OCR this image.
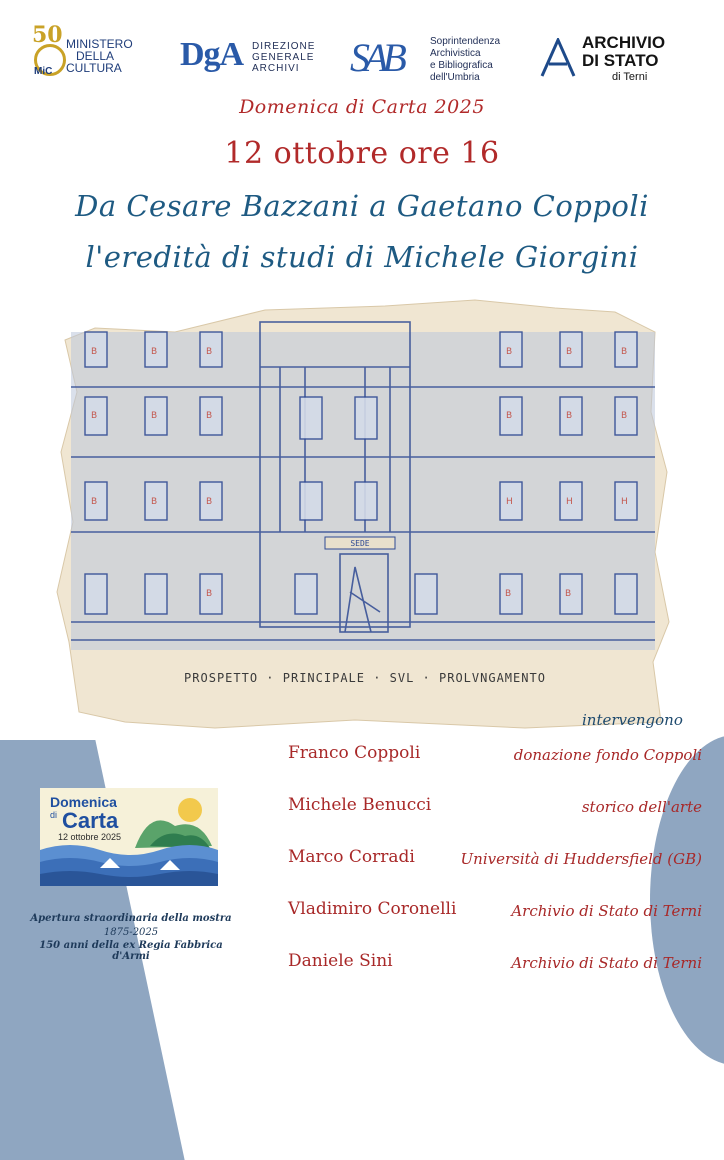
50 MINISTERO
DELLA
CULTURA
MiC	DgA DIREZIONE
GENERALE
ARCHIVI	SAB	Soprintendenza
Archivistica
e Bibliografica
dell'Umbria
ARCHIVIO
DI STATO
di Terni
Domenica di Carta 2025
12 ottobre ore 16
Da Cesare Bazzani a Gaetano Coppoli
l'eredità di studi di Michele Giorgini
SEDE
B	B	B	B	B	B
B	B	B	B	B	B
B	B	B	H	H	H
B	B	B
PROSPETTO · PRINCIPALE · SVL · PROLVNGAMENTO
intervengono
Franco Coppoli	donazione fondo Coppoli
Michele Benucci	storico dell'arte
Marco Corradi	Università di Huddersfield (GB)
Vladimiro Coronelli	Archivio di Stato di Terni
Daniele Sini	Archivio di Stato di Terni
Domenica
di Carta
12 ottobre 2025
Apertura straordinaria della mostra
1875-2025
150 anni della ex Regia Fabbrica d'Armi
